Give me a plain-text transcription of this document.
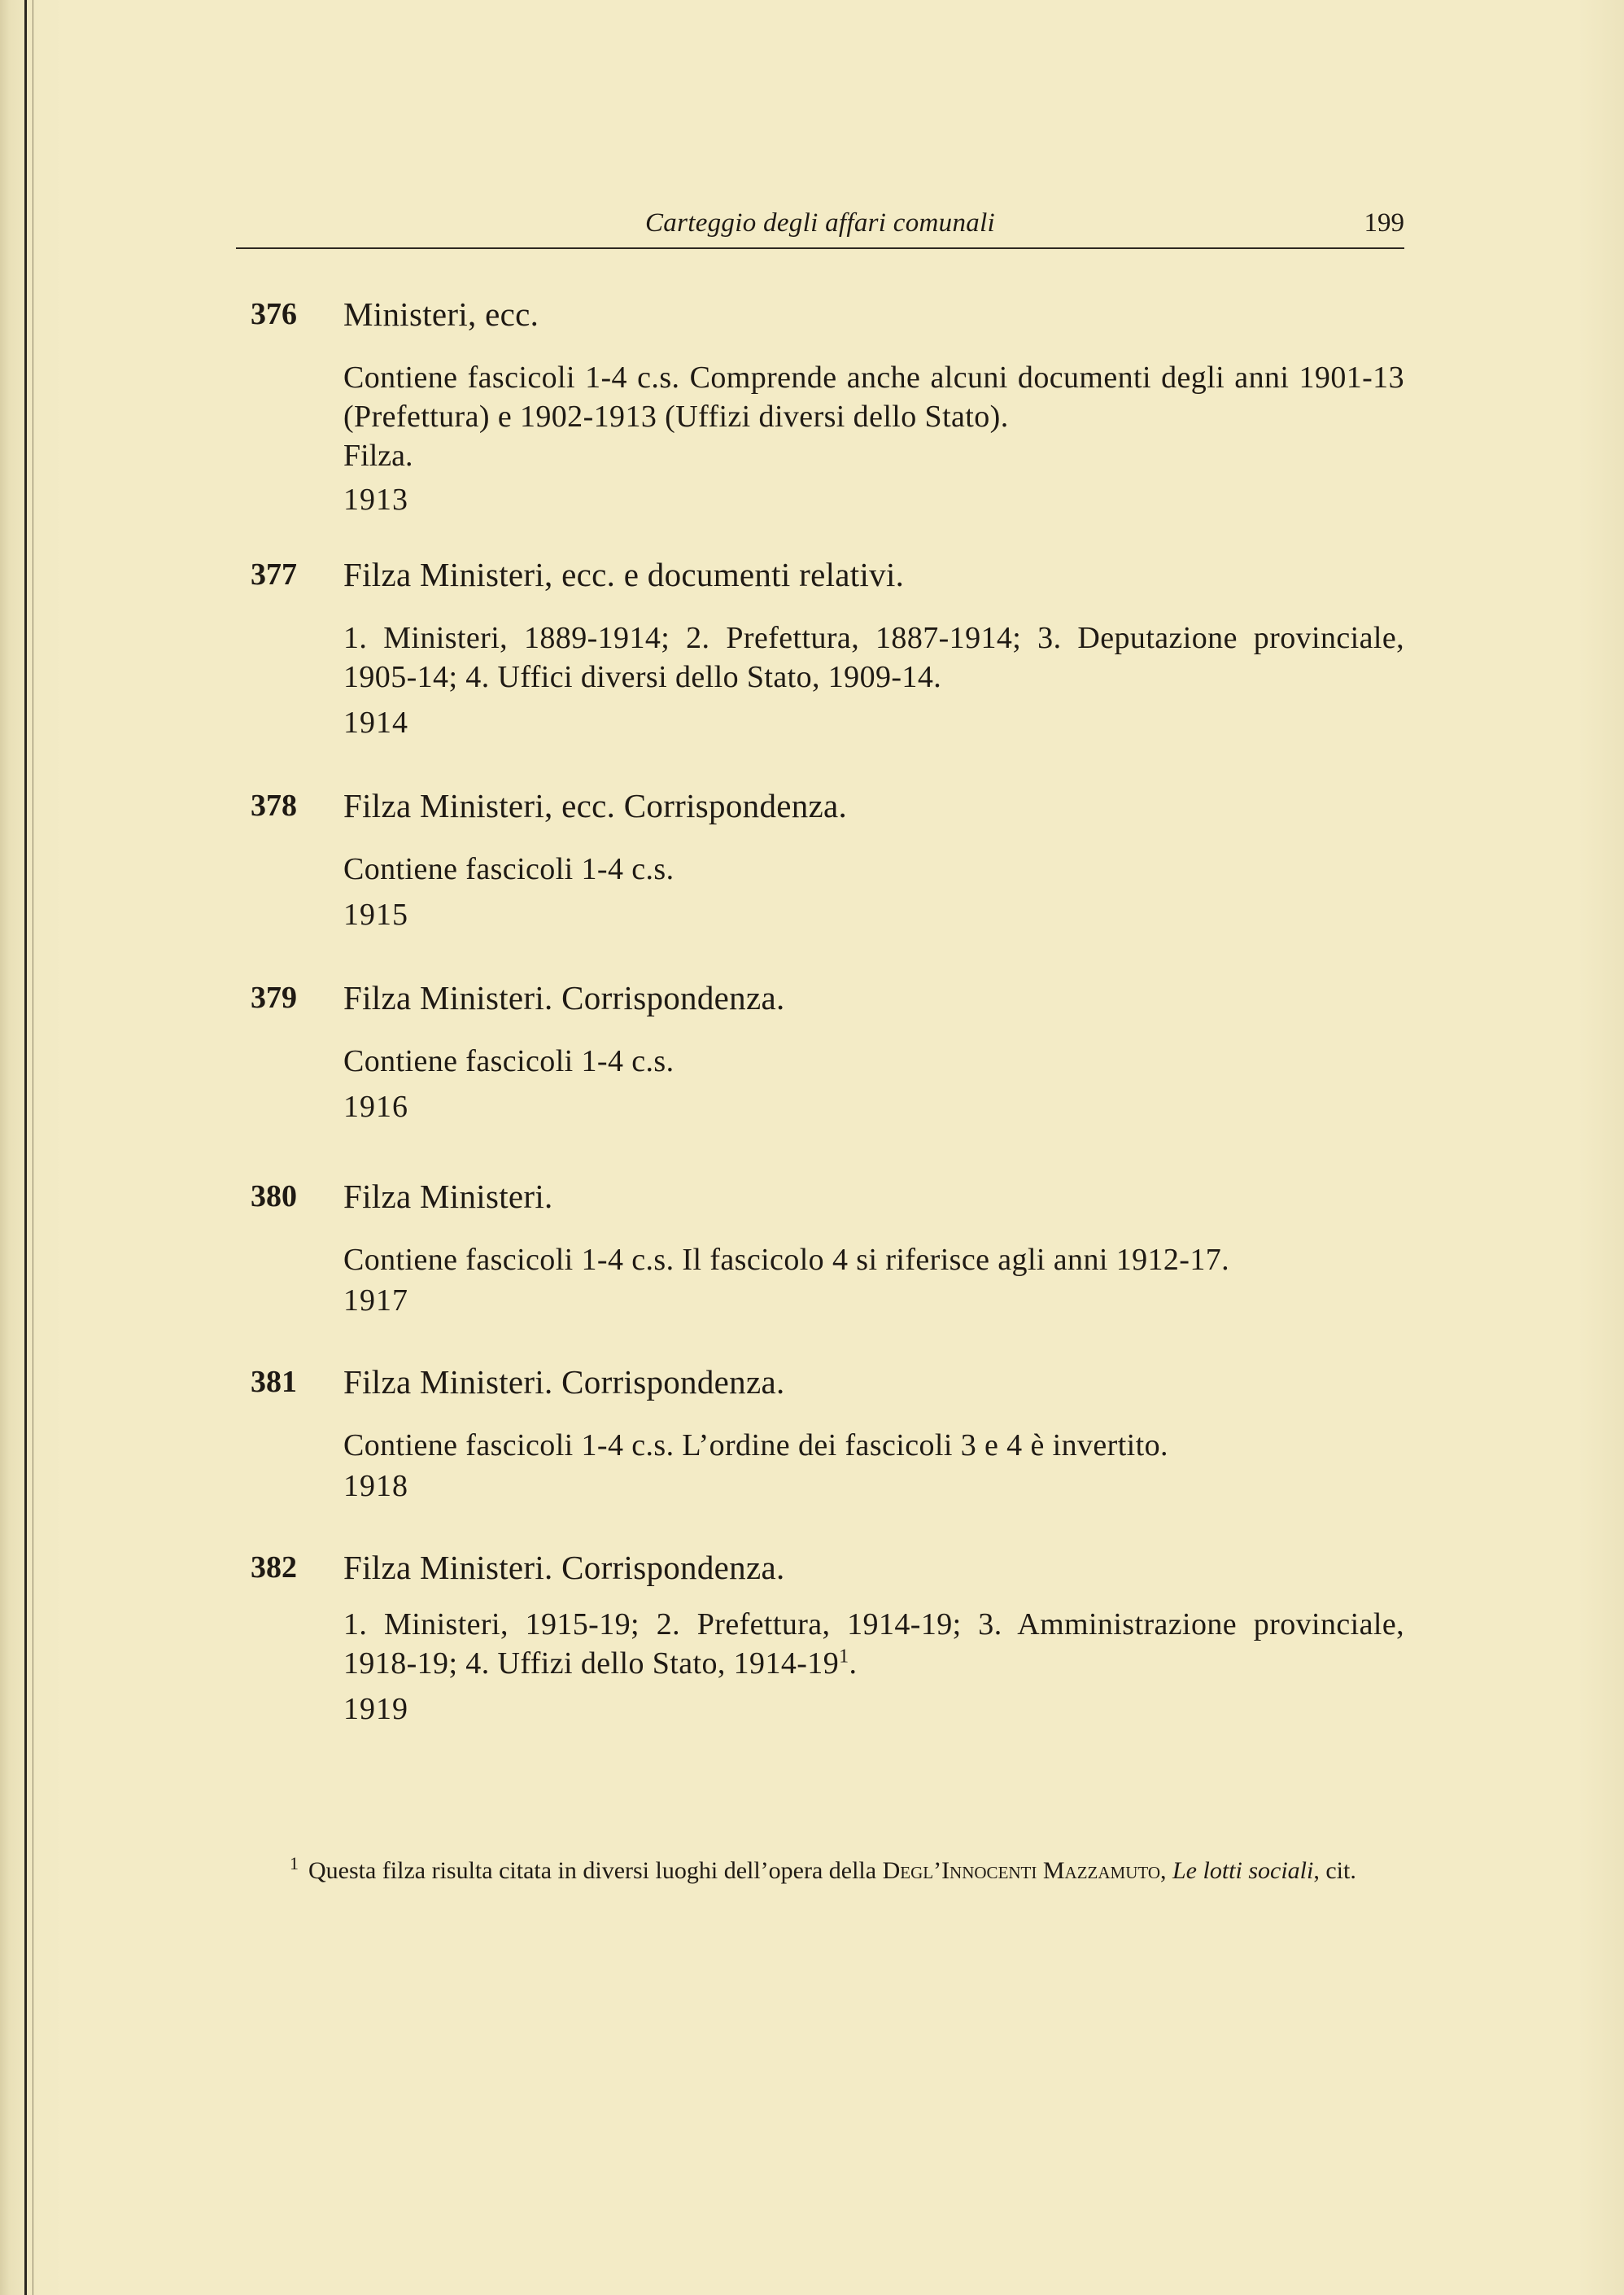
Carteggio degli affari comunali	199
376 Ministeri, ecc.
Contiene fascicoli 1-4 c.s. Comprende anche alcuni documenti degli anni 1901-13 (Prefettura) e 1902-1913 (Uffizi diversi dello Stato).
Filza.
1913
377 Filza Ministeri, ecc. e documenti relativi.
1. Ministeri, 1889-1914; 2. Prefettura, 1887-1914; 3. Deputazione provinciale, 1905-14; 4. Uffici diversi dello Stato, 1909-14.
1914
378 Filza Ministeri, ecc. Corrispondenza.
Contiene fascicoli 1-4 c.s.
1915
379 Filza Ministeri. Corrispondenza.
Contiene fascicoli 1-4 c.s.
1916
380 Filza Ministeri.
Contiene fascicoli 1-4 c.s. Il fascicolo 4 si riferisce agli anni 1912-17.
1917
381 Filza Ministeri. Corrispondenza.
Contiene fascicoli 1-4 c.s. L’ordine dei fascicoli 3 e 4 è invertito.
1918
382 Filza Ministeri. Corrispondenza.
1. Ministeri, 1915-19; 2. Prefettura, 1914-19; 3. Amministrazione provinciale, 1918-19; 4. Uffizi dello Stato, $1914-19^1$.
1919
$^1$ Questa filza risulta citata in diversi luoghi dell’opera della Degl’Innocenti Mazzamuto, Le lotti sociali, cit.
